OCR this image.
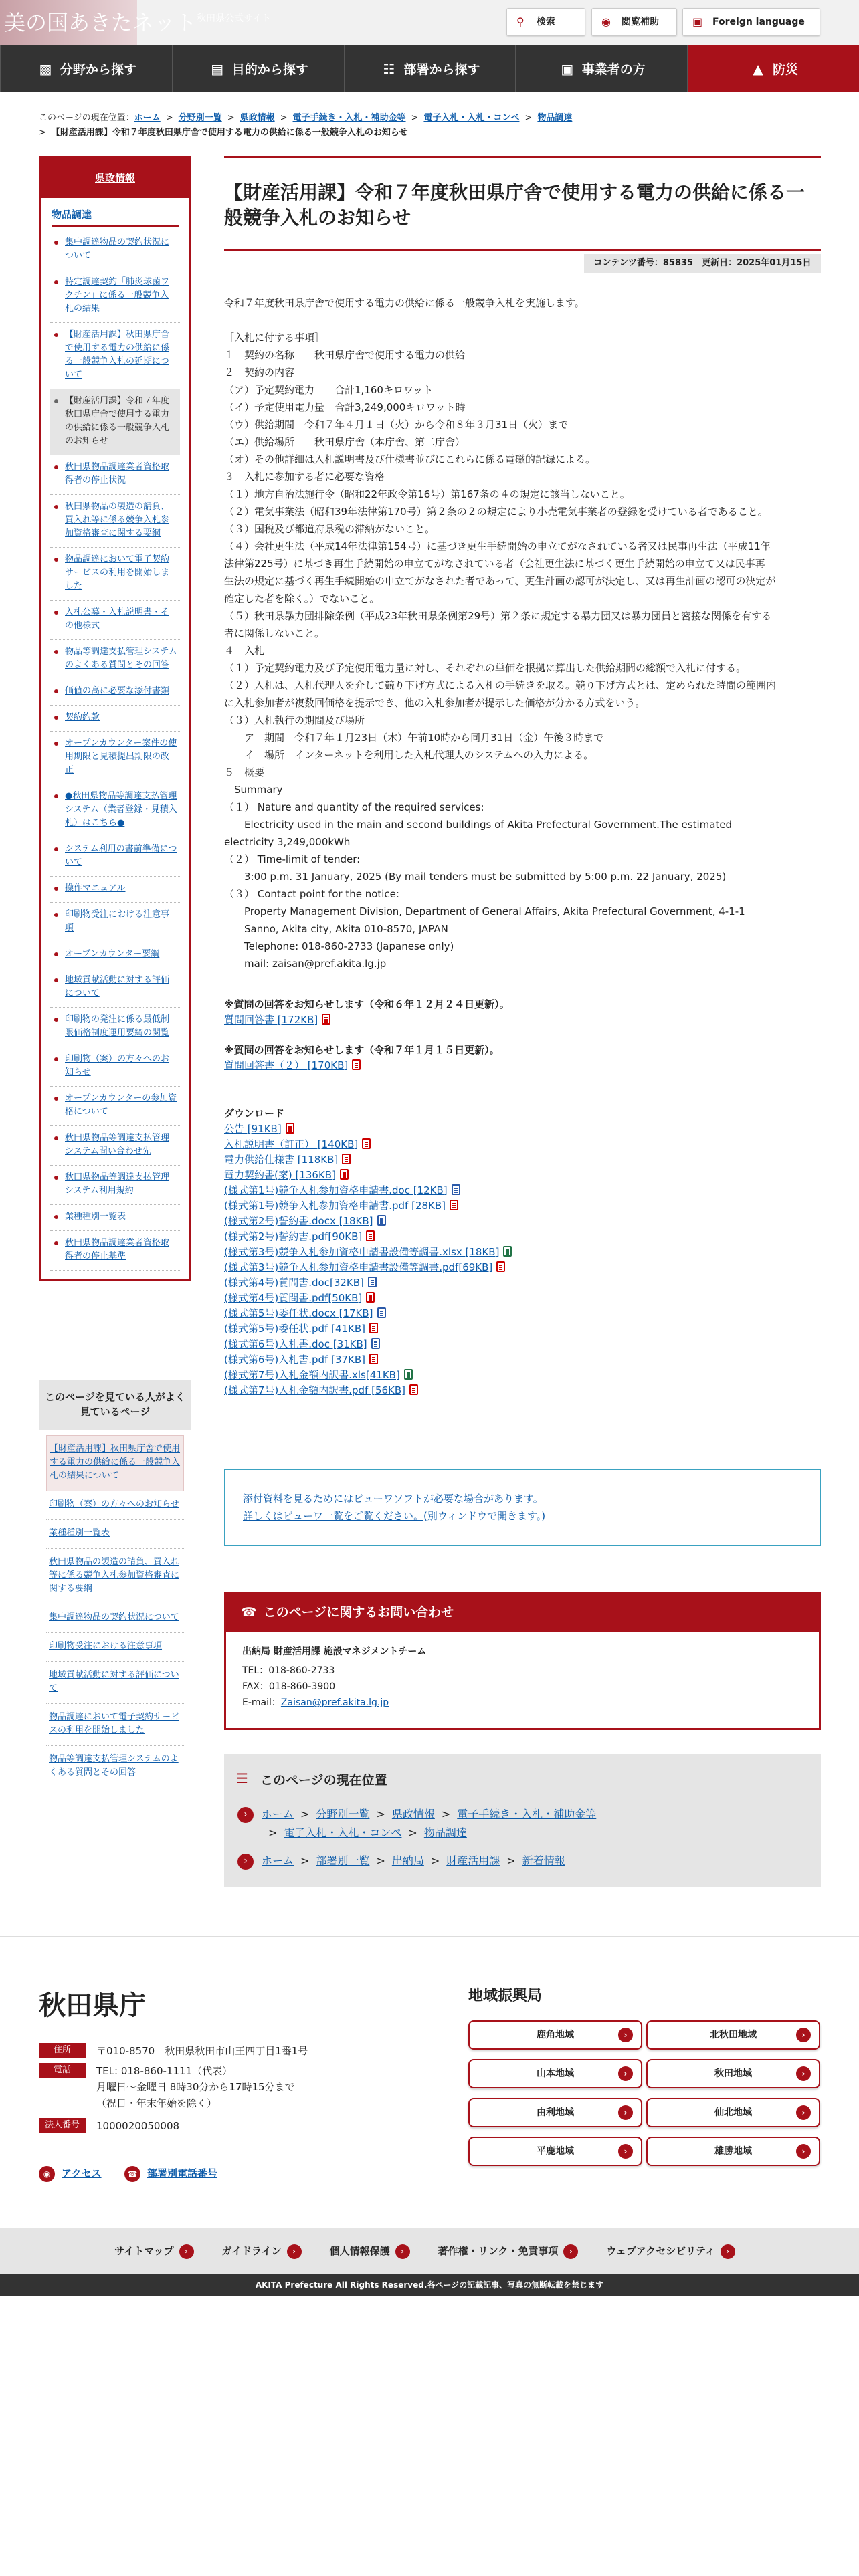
美の国あきたネット$^{秋田県公式サイト}$	⚲	検索	◉	閲覧補助	▣	Foreign language
▩ 分野から探す	▤ 目的から探す	☷ 部署から探す	▣ 事業者の方	▲ 防災
このページの現在位置：ホーム > 分野別一覧 > 県政情報 > 電子手続き・入札・補助金等 > 電子入札・入札・コンペ > 物品調達
> 【財産活用課】令和７年度秋田県庁舎で使用する電力の供給に係る一般競争入札のお知らせ
県政情報
物品調達
集中調達物品の契約状況について
特定調達契約「肺炎球菌ワクチン」に係る一般競争入札の結果
【財産活用課】秋田県庁舎で使用する電力の供給に係る一般競争入札の延期について
【財産活用課】令和７年度秋田県庁舎で使用する電力の供給に係る一般競争入札のお知らせ
秋田県物品調達業者資格取得者の停止状況
秋田県物品の製造の請負、買入れ等に係る競争入札参加資格審査に関する要綱
物品調達において電子契約サービスの利用を開始しました
入札公募・入札説明書・その他様式
物品等調達支払管理システムのよくある質問とその回答
価値の高に必要な添付書類
契約約款
オープンカウンター案件の使用期限と見積提出期限の改正
●秋田県物品等調達支払管理システム（業者登録・見積入札）はこちら●
システム利用の書前準備について
操作マニュアル
印刷物受注における注意事項
オープンカウンター要綱
地域貢献活動に対する評価について
印刷物の発注に係る最低制限価格制度運用要綱の閲覧
印刷物（案）の方々へのお知らせ
オープンカウンターの参加資格について
秋田県物品等調達支払管理システム問い合わせ先
秋田県物品等調達支払管理システム利用規約
業種種別一覧表
秋田県物品調達業者資格取得者の停止基準
このページを見ている人がよく見ているページ
【財産活用課】秋田県庁舎で使用する電力の供給に係る一般競争入札の結果について
印刷物（案）の方々へのお知らせ
業種種別一覧表
秋田県物品の製造の請負、買入れ等に係る競争入札参加資格審査に関する要綱
集中調達物品の契約状況について
印刷物受注における注意事項
地域貢献活動に対する評価について
物品調達において電子契約サービスの利用を開始しました
物品等調達支払管理システムのよくある質問とその回答
【財産活用課】令和７年度秋田県庁舎で使用する電力の供給に係る一般競争入札のお知らせ
コンテンツ番号：85835　更新日：2025年01月15日

令和７年度秋田県庁舎で使用する電力の供給に係る一般競争入札を実施します。

［入札に付する事項］

１　契約の名称　　秋田県庁舎で使用する電力の供給

２　契約の内容

（ア）予定契約電力　　合計1,160キロワット

（イ）予定使用電力量　合計3,249,000キロワット時

（ウ）供給期間　令和７年４月１日（火）から令和８年３月31日（火）まで

（エ）供給場所　　秋田県庁舎（本庁舎、第二庁舎）

（オ）その他詳細は入札説明書及び仕様書並びにこれらに係る電磁的記録による。

３　入札に参加する者に必要な資格

（１）地方自治法施行令（昭和22年政令第16号）第167条の４の規定に該当しないこと。

（２）電気事業法（昭和39年法律第170号）第２条の２の規定により小売電気事業者の登録を受けている者であること。

（３）国税及び都道府県税の滞納がないこと。

（４）会社更生法（平成14年法律第154号）に基づき更生手続開始の申立てがなされている者又は民事再生法（平成11年

法律第225号）に基づき再生手続開始の申立てがなされている者（会社更生法に基づく更生手続開始の申立て又は民事再

生法の規定に基づく再生手続開始の申立てがなされた者であって、更生計画の認可が決定し、又は再生計画の認可の決定が

確定した者を除く。）でないこと。

（５）秋田県暴力団排除条例（平成23年秋田県条例第29号）第２条に規定する暴力団又は暴力団員と密接な関係を有する

者に関係しないこと。

４　入札

（１）予定契約電力及び予定使用電力量に対し、それぞれの単価を根拠に算出した供給期間の総額で入札に付する。

（２）入札は、入札代理人を介して競り下げ方式による入札の手続きを取る。競り下げ方式とは、定められた時間の範囲内

に入札参加者が複数回価格を提示でき、他の入札参加者が提示した価格が分かる方式をいう。

（３）入札執行の期間及び場所

　　ア　期間　令和７年１月23日（木）午前10時から同月31日（金）午後３時まで

　　イ　場所　インターネットを利用した入札代理人のシステムへの入力による。

５　概要

　Summary

（１） Nature and quantity of the required services:

　　Electricity used in the main and second buildings of Akita Prefectural Government.The estimated

electricity 3,249,000kWh

（２） Time-limit of tender:

　　3:00 p.m. 31 January, 2025 (By mail tenders must be submitted by 5:00 p.m. 22 January, 2025)

（３） Contact point for the notice:

　　Property Management Division, Department of General Affairs, Akita Prefectural Government, 4-1-1

　　Sanno, Akita city, Akita 010-8570, JAPAN

　　Telephone: 018-860-2733 (Japanese only)

　　mail: zaisan@pref.akita.lg.jp

※質問の回答をお知らせします（令和６年１２月２４日更新）。
質問回答書 [172KB]
※質問の回答をお知らせします（令和７年１月１５日更新）。
質問回答書（２） [170KB]
ダウンロード
公告 [91KB]
入札説明書（訂正） [140KB]
電力供給仕様書 [118KB]
電力契約書(案) [136KB]
(様式第1号)競争入札参加資格申請書.doc [12KB]
(様式第1号)競争入札参加資格申請書.pdf [28KB]
(様式第2号)誓約書.docx [18KB]
(様式第2号)誓約書.pdf[90KB]
(様式第3号)競争入札参加資格申請書設備等調書.xlsx [18KB]
(様式第3号)競争入札参加資格申請書設備等調書.pdf[69KB]
(様式第4号)質問書.doc[32KB]
(様式第4号)質問書.pdf[50KB]
(様式第5号)委任状.docx [17KB]
(様式第5号)委任状.pdf [41KB]
(様式第6号)入札書.doc [31KB]
(様式第6号)入札書.pdf [37KB]
(様式第7号)入札金額内訳書.xls[41KB]
(様式第7号)入札金額内訳書.pdf [56KB]
添付資料を見るためにはビューワソフトが必要な場合があります。
詳しくはビューワ一覧をご覧ください。(別ウィンドウで開きます。)
☎ このページに関するお問い合わせ
出納局 財産活用課 施設マネジメントチーム
TEL：018-860-2733
FAX：018-860-3900
E-mail：Zaisan@pref.akita.lg.jp
☰ このページの現在位置
› ホーム > 分野別一覧 > 県政情報 > 電子手続き・入札・補助金等
> 電子入札・入札・コンペ > 物品調達
› ホーム > 部署別一覧 > 出納局 > 財産活用課 > 新着情報
秋田県庁
住所	〒010-8570　秋田県秋田市山王四丁目1番1号
電話	TEL: 018-860-1111（代表）
月曜日～金曜日 8時30分から17時15分まで
（祝日・年末年始を除く）
法人番号 1000020050008
◉ アクセス	☎ 部署別電話番号
地域振興局
鹿角地域	›	北秋田地域	›
山本地域	›	秋田地域	›
由利地域	›	仙北地域	›
平鹿地域	›	雄勝地域	›
サイトマップ ›	ガイドライン ›	個人情報保護 ›	著作権・リンク・免責事項 ›	ウェブアクセシビリティ ›
AKITA Prefecture All Rights Reserved.各ページの記載記事、写真の無断転載を禁じます
